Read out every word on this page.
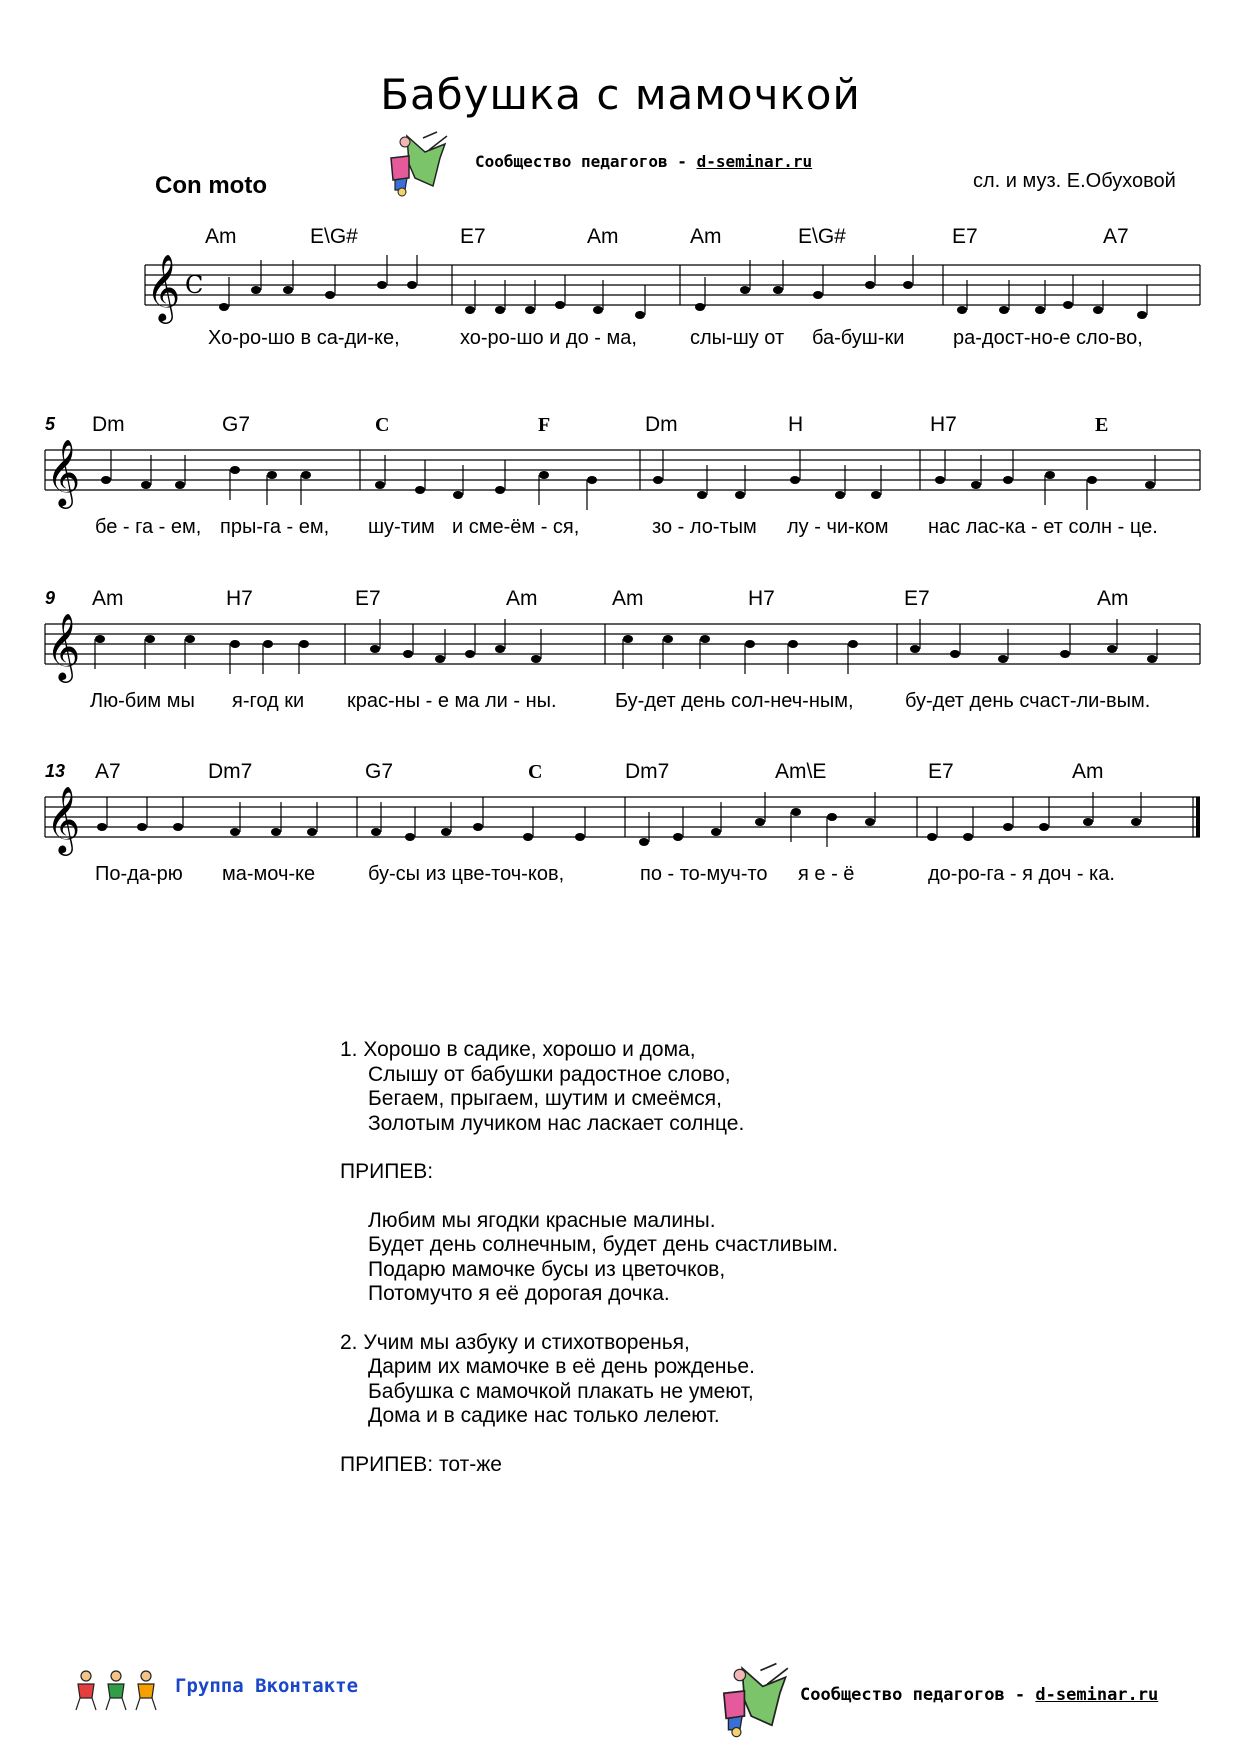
Бабушка с мамочкой
Сообщество педагогов - d-seminar.ru
Con moto	сл. и муз. Е.Обуховой
Am	E\G#	E7	Am	Am	E\G#	E7	A7
𝄞 C
Хо-ро-шо в са-ди-ке,	хо-ро-шо и до - ма,	слы-шу от ба-буш-ки ра-дост-но-е сло-во,
5 Dm	G7	C	F	Dm	H	H7	E
𝄞
бе - га - ем, пры-га - ем, шу-тим и сме-ём - ся,	зо - ло-тым лу - чи-ком нас лас-ка - ет солн - це.
9 Am	H7	E7	Am	Am	H7	E7	Am
𝄞
Лю-бим мы я-год ки крас-ны - е ма ли - ны.	Бу-дет день сол-неч-ным,	бу-дет день счаст-ли-вым.
13 A7	Dm7	G7	C	Dm7	Am\E	E7	Am
𝄞
По-да-рю ма-моч-ке	бу-сы из цве-точ-ков,	по - то-муч-то я е - ё	до-ро-га - я доч - ка.
1. Хорошо в садике, хорошо и дома,
Слышу от бабушки радостное слово,
Бегаем, прыгаем, шутим и смеёмся,
Золотым лучиком нас ласкает солнце.
ПРИПЕВ:
Любим мы ягодки красные малины.
Будет день солнечным, будет день счастливым.
Подарю мамочке бусы из цветочков,
Потомучто я её дорогая дочка.
2. Учим мы азбуку и стихотворенья,
Дарим их мамочке в её день рожденье.
Бабушка с мамочкой плакать не умеют,
Дома и в садике нас только лелеют.
ПРИПЕВ: тот-же
Группа Вконтакте	Сообщество педагогов - d-seminar.ru
